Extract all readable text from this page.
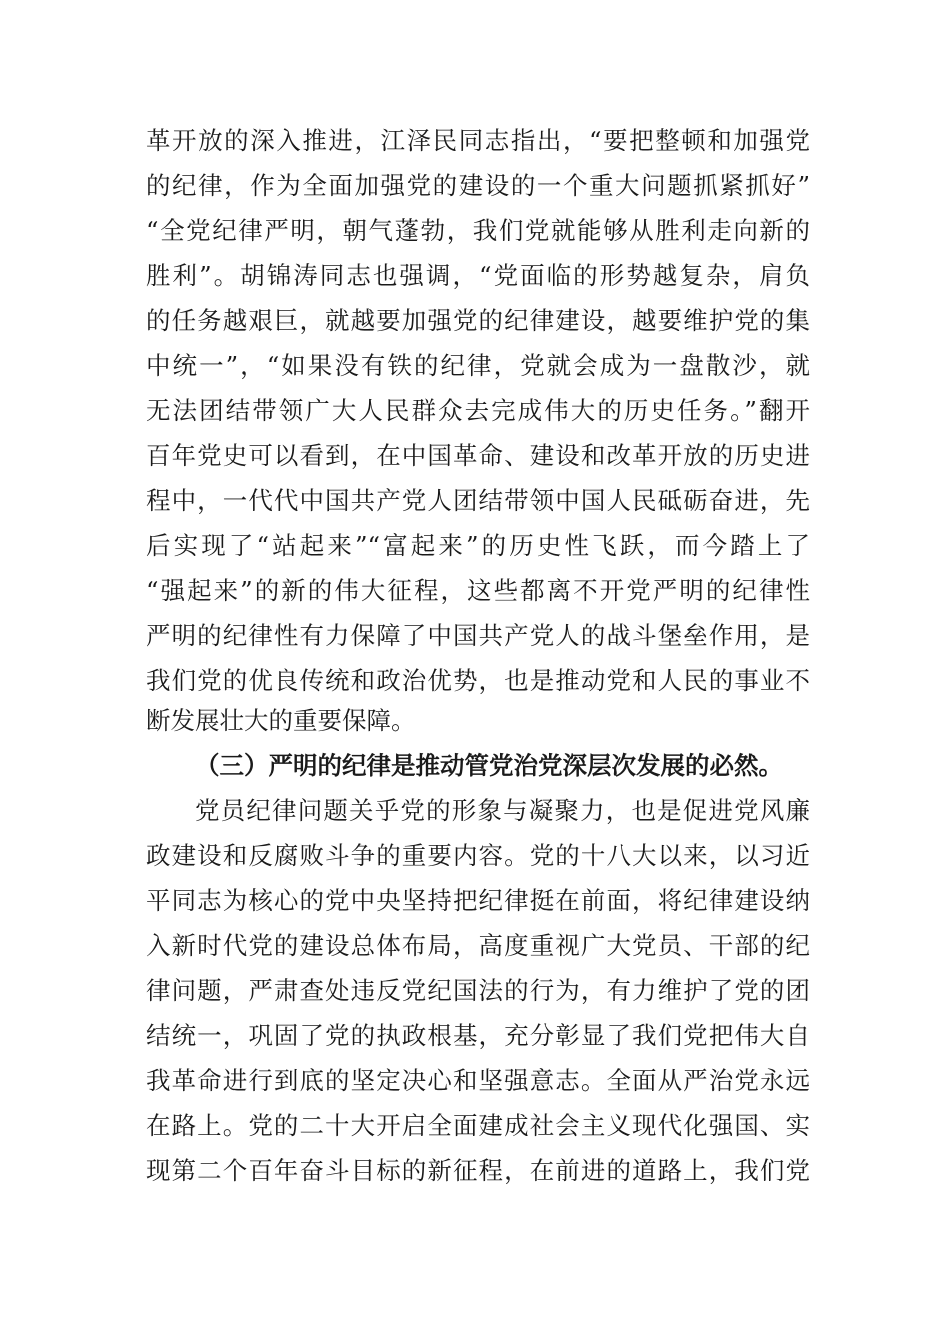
革开放的深入推进，江泽民同志指出，“要把整顿和加强党
的纪律，作为全面加强党的建设的一个重大问题抓紧抓好”
“全党纪律严明，朝气蓬勃，我们党就能够从胜利走向新的
胜利”。胡锦涛同志也强调，“党面临的形势越复杂，肩负
的任务越艰巨，就越要加强党的纪律建设，越要维护党的集
中统一”，“如果没有铁的纪律，党就会成为一盘散沙，就
无法团结带领广大人民群众去完成伟大的历史任务。”翻开
百年党史可以看到，在中国革命、建设和改革开放的历史进
程中，一代代中国共产党人团结带领中国人民砥砺奋进，先
后实现了“站起来”“富起来”的历史性飞跃，而今踏上了
“强起来”的新的伟大征程，这些都离不开党严明的纪律性
严明的纪律性有力保障了中国共产党人的战斗堡垒作用，是
我们党的优良传统和政治优势，也是推动党和人民的事业不
断发展壮大的重要保障。
（三）严明的纪律是推动管党治党深层次发展的必然。
党员纪律问题关乎党的形象与凝聚力，也是促进党风廉
政建设和反腐败斗争的重要内容。党的十八大以来，以习近
平同志为核心的党中央坚持把纪律挺在前面，将纪律建设纳
入新时代党的建设总体布局，高度重视广大党员、干部的纪
律问题，严肃查处违反党纪国法的行为，有力维护了党的团
结统一，巩固了党的执政根基，充分彰显了我们党把伟大自
我革命进行到底的坚定决心和坚强意志。全面从严治党永远
在路上。党的二十大开启全面建成社会主义现代化强国、实
现第二个百年奋斗目标的新征程，在前进的道路上，我们党
